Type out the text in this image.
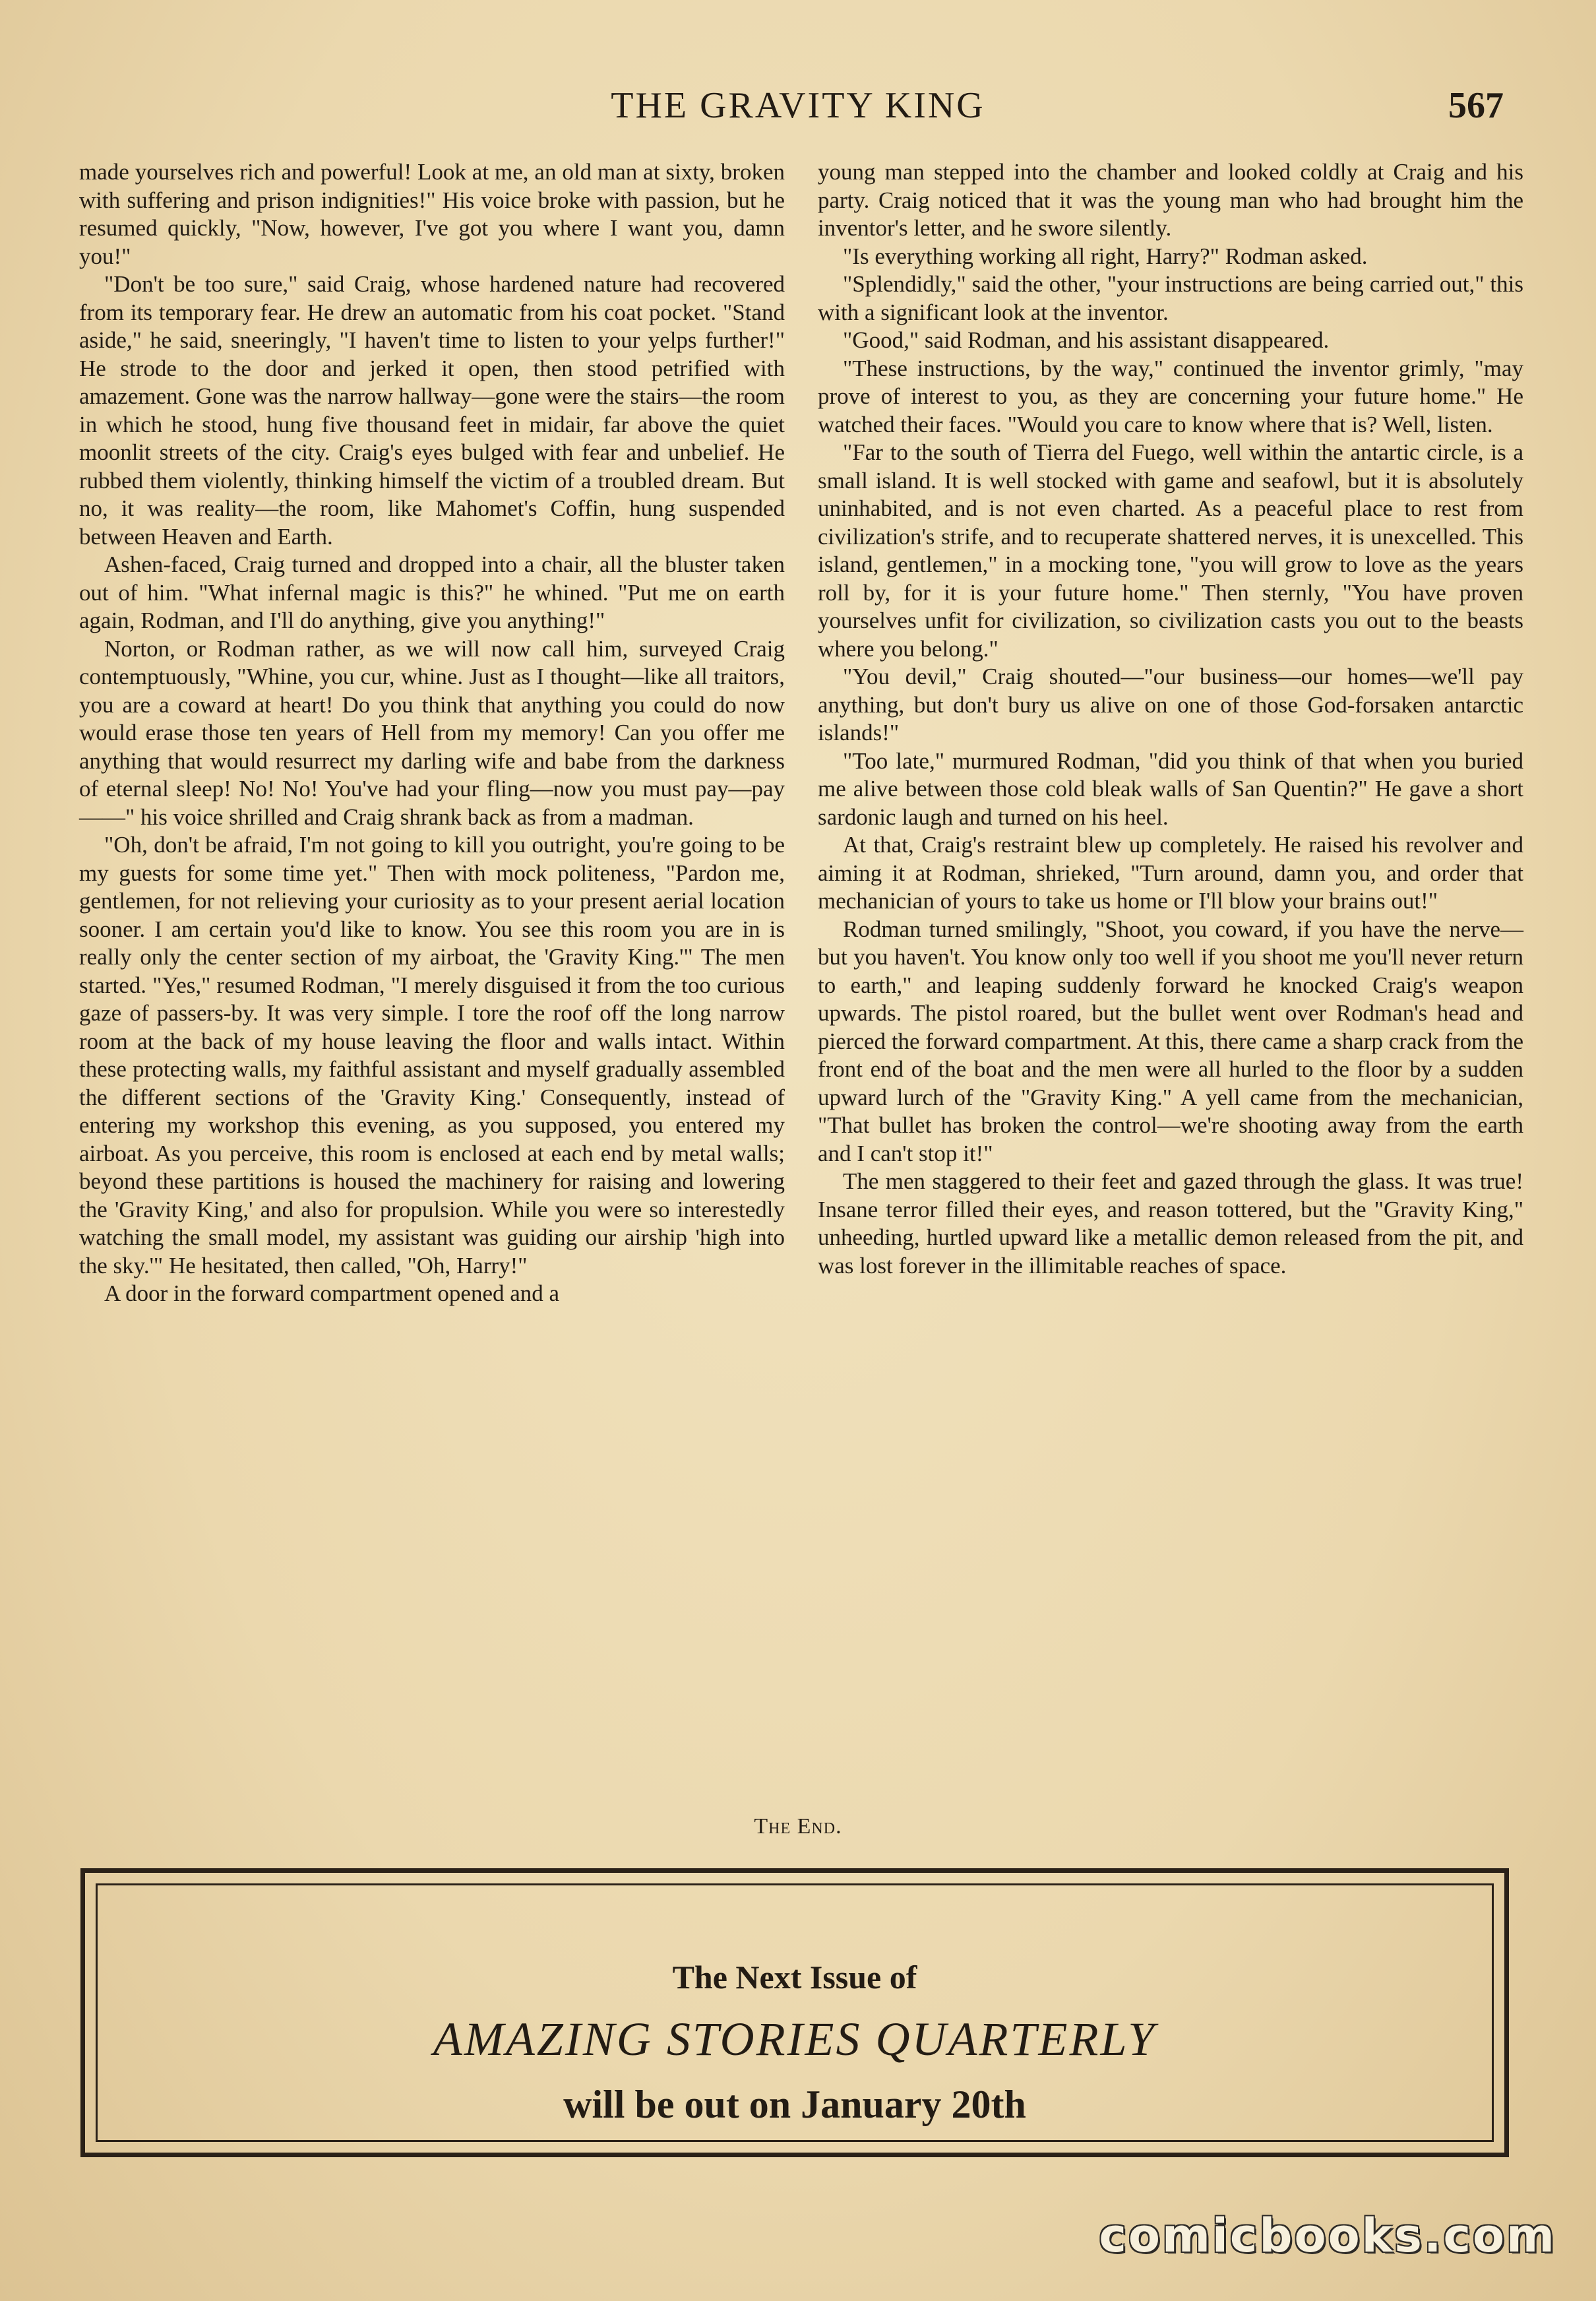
THE GRAVITY KING	567

made yourselves rich and powerful! Look at me, an old man at sixty, broken with suffering and prison indignities!" His voice broke with passion, but he resumed quickly, "Now, however, I've got you where I want you, damn you!"

"Don't be too sure," said Craig, whose hardened nature had recovered from its temporary fear. He drew an automatic from his coat pocket. "Stand aside," he said, sneeringly, "I haven't time to listen to your yelps further!" He strode to the door and jerked it open, then stood petrified with amazement. Gone was the narrow hallway—gone were the stairs—the room in which he stood, hung five thousand feet in midair, far above the quiet moonlit streets of the city. Craig's eyes bulged with fear and unbelief. He rubbed them violently, thinking himself the victim of a troubled dream. But no, it was reality—the room, like Mahomet's Coffin, hung suspended between Heaven and Earth.

Ashen-faced, Craig turned and dropped into a chair, all the bluster taken out of him. "What infernal magic is this?" he whined. "Put me on earth again, Rodman, and I'll do anything, give you anything!"

Norton, or Rodman rather, as we will now call him, surveyed Craig contemptuously, "Whine, you cur, whine. Just as I thought—like all traitors, you are a coward at heart! Do you think that anything you could do now would erase those ten years of Hell from my memory! Can you offer me anything that would resurrect my darling wife and babe from the darkness of eternal sleep! No! No! You've had your fling—now you must pay—pay——" his voice shrilled and Craig shrank back as from a madman.

"Oh, don't be afraid, I'm not going to kill you outright, you're going to be my guests for some time yet." Then with mock politeness, "Pardon me, gentlemen, for not relieving your curiosity as to your present aerial location sooner. I am certain you'd like to know. You see this room you are in is really only the center section of my airboat, the 'Gravity King.'" The men started. "Yes," resumed Rodman, "I merely disguised it from the too curious gaze of passers-by. It was very simple. I tore the roof off the long narrow room at the back of my house leaving the floor and walls intact. Within these protecting walls, my faithful assistant and myself gradually assembled the different sections of the 'Gravity King.' Consequently, instead of entering my workshop this evening, as you supposed, you entered my airboat. As you perceive, this room is enclosed at each end by metal walls; beyond these partitions is housed the machinery for raising and lowering the 'Gravity King,' and also for propulsion. While you were so interestedly watching the small model, my assistant was guiding our airship 'high into the sky.'" He hesitated, then called, "Oh, Harry!"

A door in the forward compartment opened and a

young man stepped into the chamber and looked coldly at Craig and his party. Craig noticed that it was the young man who had brought him the inventor's letter, and he swore silently.

"Is everything working all right, Harry?" Rodman asked.

"Splendidly," said the other, "your instructions are being carried out," this with a significant look at the inventor.

"Good," said Rodman, and his assistant disappeared.

"These instructions, by the way," continued the inventor grimly, "may prove of interest to you, as they are concerning your future home." He watched their faces. "Would you care to know where that is? Well, listen.

"Far to the south of Tierra del Fuego, well within the antartic circle, is a small island. It is well stocked with game and seafowl, but it is absolutely uninhabited, and is not even charted. As a peaceful place to rest from civilization's strife, and to recuperate shattered nerves, it is unexcelled. This island, gentlemen," in a mocking tone, "you will grow to love as the years roll by, for it is your future home." Then sternly, "You have proven yourselves unfit for civilization, so civilization casts you out to the beasts where you belong."

"You devil," Craig shouted—"our business—our homes—we'll pay anything, but don't bury us alive on one of those God-forsaken antarctic islands!"

"Too late," murmured Rodman, "did you think of that when you buried me alive between those cold bleak walls of San Quentin?" He gave a short sardonic laugh and turned on his heel.

At that, Craig's restraint blew up completely. He raised his revolver and aiming it at Rodman, shrieked, "Turn around, damn you, and order that mechanician of yours to take us home or I'll blow your brains out!"

Rodman turned smilingly, "Shoot, you coward, if you have the nerve—but you haven't. You know only too well if you shoot me you'll never return to earth," and leaping suddenly forward he knocked Craig's weapon upwards. The pistol roared, but the bullet went over Rodman's head and pierced the forward compartment. At this, there came a sharp crack from the front end of the boat and the men were all hurled to the floor by a sudden upward lurch of the "Gravity King." A yell came from the mechanician, "That bullet has broken the control—we're shooting away from the earth and I can't stop it!"

The men staggered to their feet and gazed through the glass. It was true! Insane terror filled their eyes, and reason tottered, but the "Gravity King," unheeding, hurtled upward like a metallic demon released from the pit, and was lost forever in the illimitable reaches of space.

The End.
The Next Issue of
AMAZING STORIES QUARTERLY
will be out on January 20th
comicbooks.com
